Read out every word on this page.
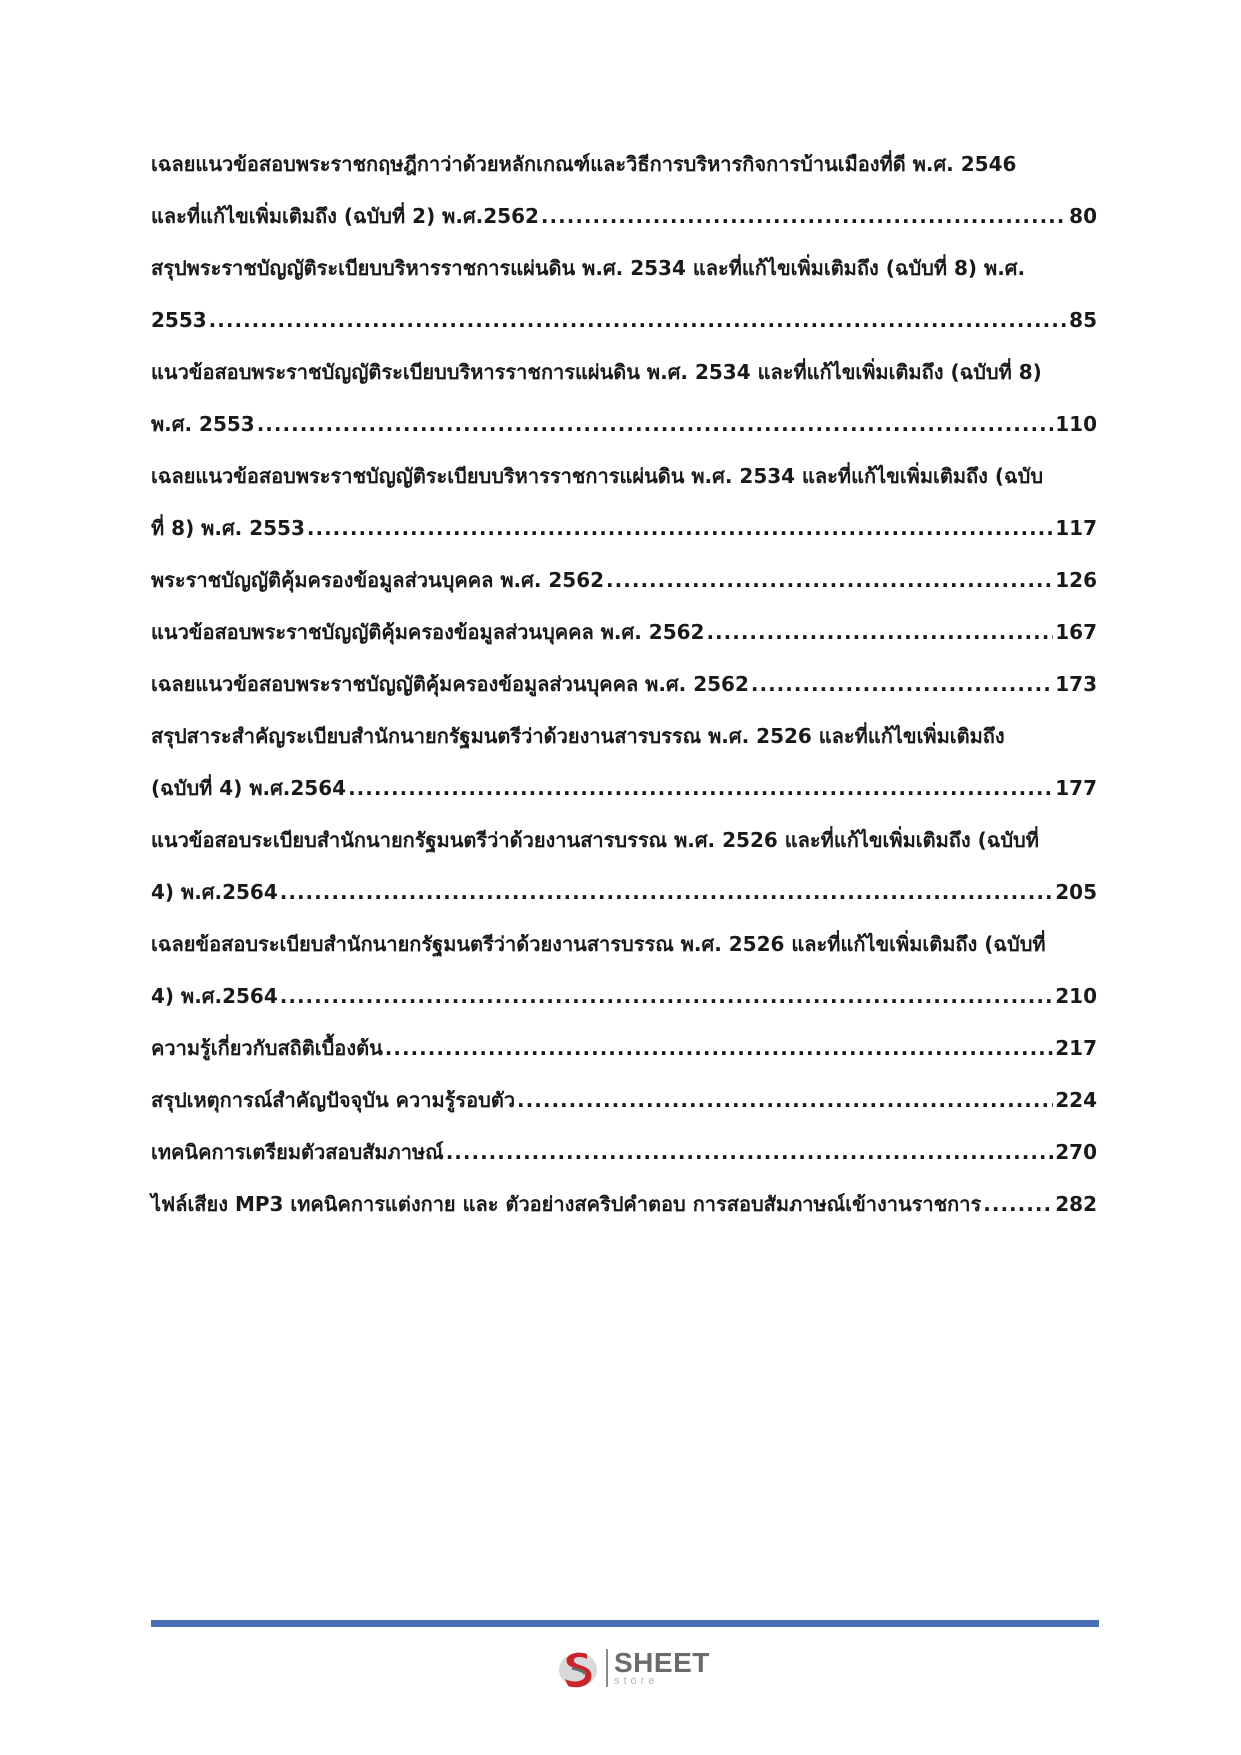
เฉลยแนวข้อสอบพระราชกฤษฎีกาว่าด้วยหลักเกณฑ์และวิธีการบริหารกิจการบ้านเมืองที่ดี พ.ศ. 2546
และที่แก้ไขเพิ่มเติมถึง (ฉบับที่ 2) พ.ศ.2562 .....	80
สรุปพระราชบัญญัติระเบียบบริหารราชการแผ่นดิน พ.ศ. 2534 และที่แก้ไขเพิ่มเติมถึง (ฉบับที่ 8) พ.ศ.
2553 .....	85
แนวข้อสอบพระราชบัญญัติระเบียบบริหารราชการแผ่นดิน พ.ศ. 2534 และที่แก้ไขเพิ่มเติมถึง (ฉบับที่ 8)
พ.ศ. 2553 .....	110
เฉลยแนวข้อสอบพระราชบัญญัติระเบียบบริหารราชการแผ่นดิน พ.ศ. 2534 และที่แก้ไขเพิ่มเติมถึง (ฉบับ
ที่ 8) พ.ศ. 2553 .....	117
พระราชบัญญัติคุ้มครองข้อมูลส่วนบุคคล พ.ศ. 2562 .....	126
แนวข้อสอบพระราชบัญญัติคุ้มครองข้อมูลส่วนบุคคล พ.ศ. 2562 .....	167
เฉลยแนวข้อสอบพระราชบัญญัติคุ้มครองข้อมูลส่วนบุคคล พ.ศ. 2562 .....	173
สรุปสาระสำคัญระเบียบสำนักนายกรัฐมนตรีว่าด้วยงานสารบรรณ พ.ศ. 2526 และที่แก้ไขเพิ่มเติมถึง
(ฉบับที่ 4) พ.ศ.2564 .....	177
แนวข้อสอบระเบียบสำนักนายกรัฐมนตรีว่าด้วยงานสารบรรณ พ.ศ. 2526 และที่แก้ไขเพิ่มเติมถึง (ฉบับที่
4) พ.ศ.2564 .....	205
เฉลยข้อสอบระเบียบสำนักนายกรัฐมนตรีว่าด้วยงานสารบรรณ พ.ศ. 2526 และที่แก้ไขเพิ่มเติมถึง (ฉบับที่
4) พ.ศ.2564 .....	210
ความรู้เกี่ยวกับสถิติเบื้องต้น .....	217
สรุปเหตุการณ์สำคัญปัจจุบัน ความรู้รอบตัว .....	224
เทคนิคการเตรียมตัวสอบสัมภาษณ์ .....	270
ไฟล์เสียง MP3 เทคนิคการแต่งกาย และ ตัวอย่างสคริปคำตอบ การสอบสัมภาษณ์เข้างานราชการ .....	282
SHEET
store
